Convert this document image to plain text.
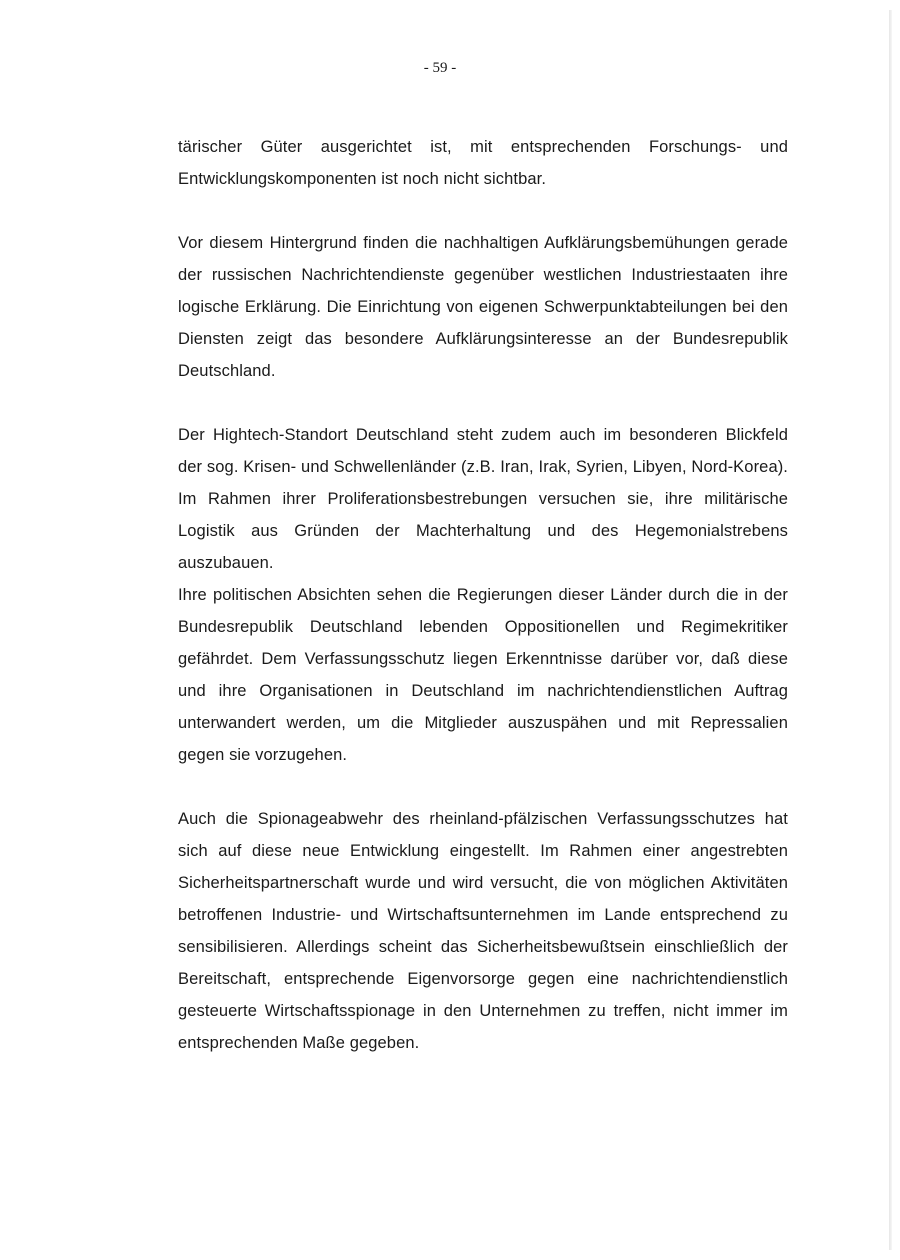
- 59 -

tärischer Güter ausgerichtet ist, mit entsprechenden Forschungs- und Entwicklungskomponenten ist noch nicht sichtbar.

Vor diesem Hintergrund finden die nachhaltigen Aufklärungsbemühungen gerade der russischen Nachrichtendienste gegenüber westlichen Industriestaaten ihre logische Erklärung. Die Einrichtung von eigenen Schwerpunktabteilungen bei den Diensten zeigt das besondere Aufklärungsinteresse an der Bundesrepublik Deutschland.

Der Hightech-Standort Deutschland steht zudem auch im besonderen Blickfeld der sog. Krisen- und Schwellenländer (z.B. Iran, Irak, Syrien, Libyen, Nord-Korea). Im Rahmen ihrer Proliferationsbestrebungen versuchen sie, ihre militärische Logistik aus Gründen der Machterhaltung und des Hegemonialstrebens auszubauen.

Ihre politischen Absichten sehen die Regierungen dieser Länder durch die in der Bundesrepublik Deutschland lebenden Oppositionellen und Regimekritiker gefährdet. Dem Verfassungsschutz liegen Erkenntnisse darüber vor, daß diese und ihre Organisationen in Deutschland im nachrichtendienstlichen Auftrag unterwandert werden, um die Mitglieder auszuspähen und mit Repressalien gegen sie vorzugehen.

Auch die Spionageabwehr des rheinland-pfälzischen Verfassungsschutzes hat sich auf diese neue Entwicklung eingestellt. Im Rahmen einer angestrebten Sicherheitspartnerschaft wurde und wird versucht, die von möglichen Aktivitäten betroffenen Industrie- und Wirtschaftsunternehmen im Lande entsprechend zu sensibilisieren. Allerdings scheint das Sicherheitsbewußtsein einschließlich der Bereitschaft, entsprechende Eigenvorsorge gegen eine nachrichtendienstlich gesteuerte Wirtschaftsspionage in den Unternehmen zu treffen, nicht immer im entsprechenden Maße gegeben.
